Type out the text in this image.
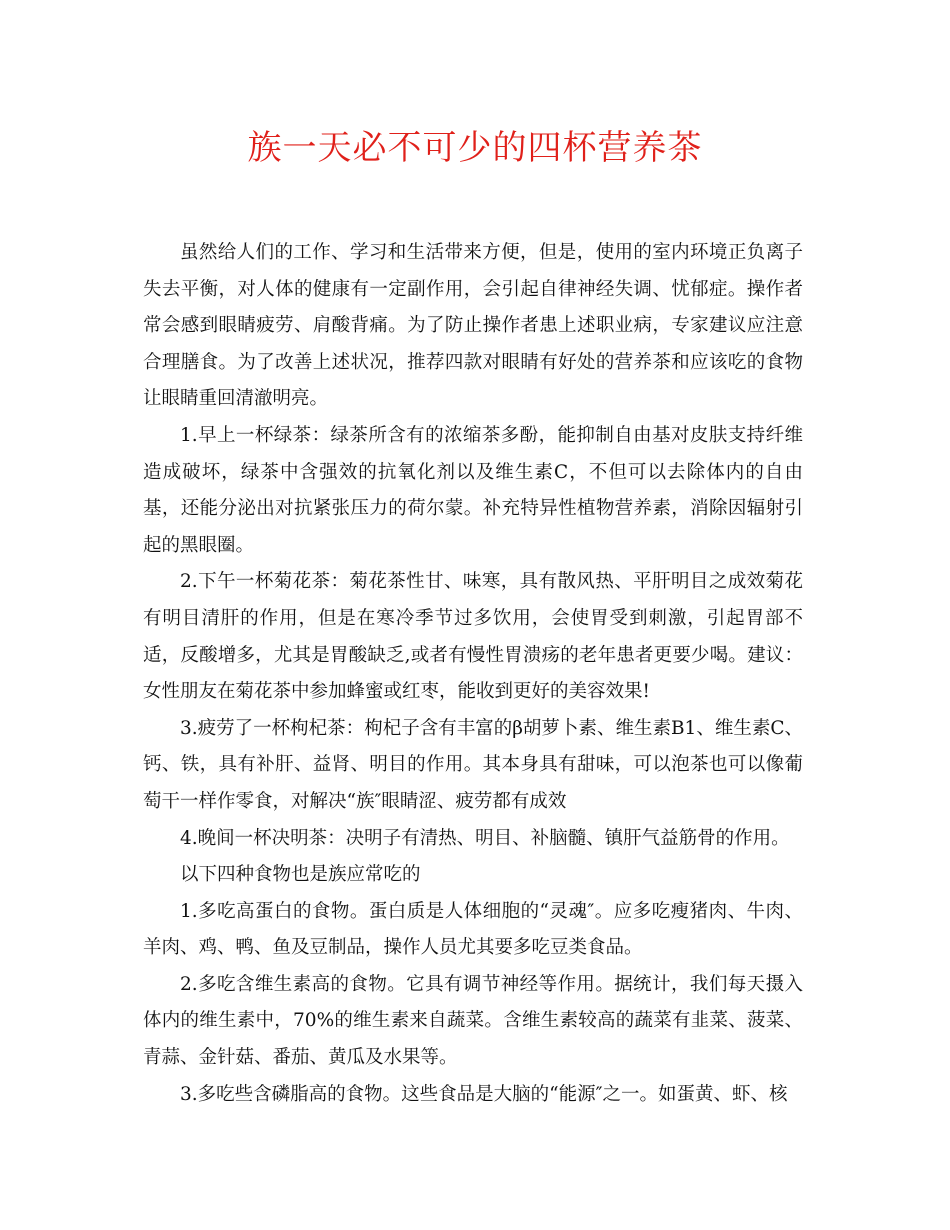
族一天必不可少的四杯营养茶

虽然给人们的工作、学习和生活带来方便，但是，使用的室内环境正负离子失去平衡，对人体的健康有一定副作用，会引起自律神经失调、忧郁症。操作者常会感到眼睛疲劳、肩酸背痛。为了防止操作者患上述职业病，专家建议应注意合理膳食。为了改善上述状况，推荐四款对眼睛有好处的营养茶和应该吃的食物让眼睛重回清澈明亮。

1.早上一杯绿茶：绿茶所含有的浓缩茶多酚，能抑制自由基对皮肤支持纤维造成破坏，绿茶中含强效的抗氧化剂以及维生素C，不但可以去除体内的自由基，还能分泌出对抗紧张压力的荷尔蒙。补充特异性植物营养素，消除因辐射引起的黑眼圈。

2.下午一杯菊花茶：菊花茶性甘、味寒，具有散风热、平肝明目之成效菊花有明目清肝的作用，但是在寒冷季节过多饮用，会使胃受到刺激，引起胃部不适，反酸增多，尤其是胃酸缺乏,或者有慢性胃溃疡的老年患者更要少喝。建议：女性朋友在菊花茶中参加蜂蜜或红枣，能收到更好的美容效果!

3.疲劳了一杯枸杞茶：枸杞子含有丰富的β胡萝卜素、维生素B1、维生素C、钙、铁，具有补肝、益肾、明目的作用。其本身具有甜味，可以泡茶也可以像葡萄干一样作零食，对解决“族″眼睛涩、疲劳都有成效

4.晚间一杯决明茶：决明子有清热、明目、补脑髓、镇肝气益筋骨的作用。

以下四种食物也是族应常吃的

1.多吃高蛋白的食物。蛋白质是人体细胞的“灵魂″。应多吃瘦猪肉、牛肉、羊肉、鸡、鸭、鱼及豆制品，操作人员尤其要多吃豆类食品。

2.多吃含维生素高的食物。它具有调节神经等作用。据统计，我们每天摄入体内的维生素中，70%的维生素来自蔬菜。含维生素较高的蔬菜有韭菜、菠菜、青蒜、金针菇、番茄、黄瓜及水果等。

3.多吃些含磷脂高的食物。这些食品是大脑的“能源″之一。如蛋黄、虾、核
